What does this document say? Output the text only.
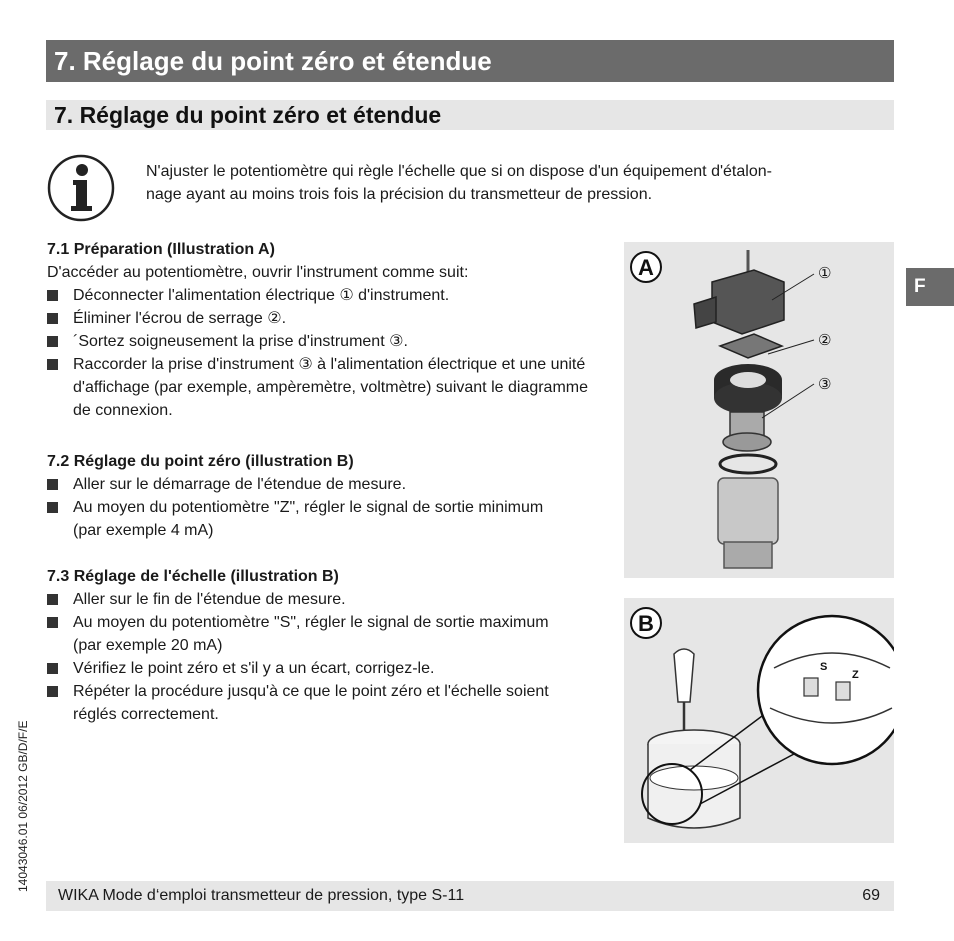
7. Réglage du point zéro et étendue
7. Réglage du point zéro et étendue
N'ajuster le potentiomètre qui règle l'échelle que si on dispose d'un équipement d'étalon-
nage ayant au moins trois fois la précision du transmetteur de pression.
7.1 Préparation (Illustration A)

D'accéder au potentiomètre, ouvrir l'instrument comme suit:

Déconnecter l'alimentation électrique ① d'instrument.
Éliminer l'écrou de serrage ②.
´Sortez soigneusement la prise d'instrument ③.
Raccorder la prise d'instrument ③ à l'alimentation électrique et une unité d'affichage (par exemple, ampèremètre, voltmètre) suivant le diagramme de connexion.
7.2 Réglage du point zéro (illustration B)
Aller sur le démarrage de l'étendue de mesure.
Au moyen du potentiomètre "Z", régler le signal de sortie minimum (par exemple 4 mA)
7.3 Réglage de l'échelle (illustration B)
Aller sur le fin de l'étendue de mesure.
Au moyen du potentiomètre "S", régler le signal de sortie maximum (par exemple 20 mA)
Vérifiez le point zéro et s'il y a un écart, corrigez-le.
Répéter la procédure jusqu'à ce que le point zéro et l'échelle soient réglés correctement.
A	①
②
③
B
S
Z
F
14043046.01 06/2012 GB/D/F/E
WIKA Mode d‘emploi transmetteur de pression, type S-11	69
